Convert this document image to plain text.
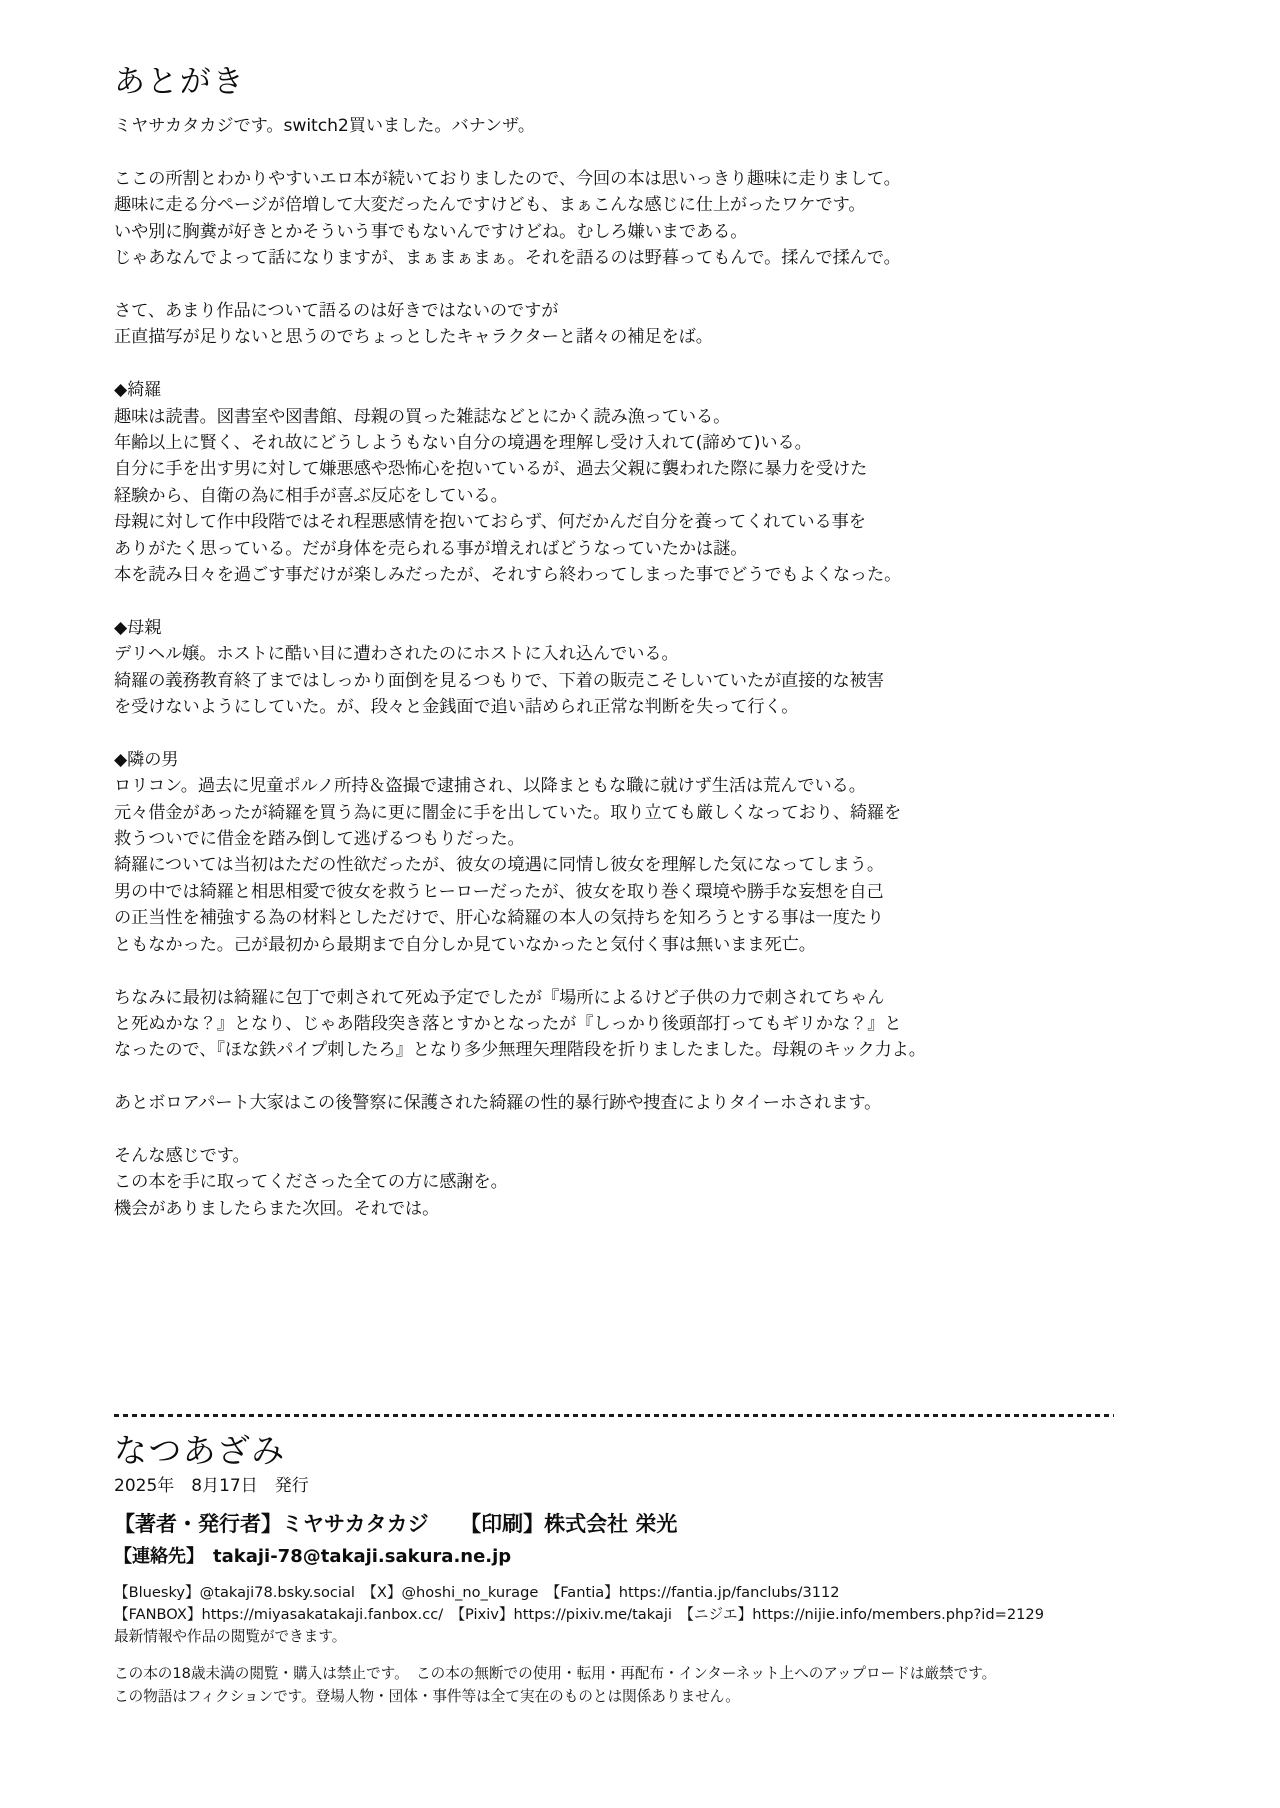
あとがき

ミヤサカタカジです。switch2買いました。バナンザ。

ここの所割とわかりやすいエロ本が続いておりましたので、今回の本は思いっきり趣味に走りまして。
趣味に走る分ページが倍増して大変だったんですけども、まぁこんな感じに仕上がったワケです。
いや別に胸糞が好きとかそういう事でもないんですけどね。むしろ嫌いまである。
じゃあなんでよって話になりますが、まぁまぁまぁ。それを語るのは野暮ってもんで。揉んで揉んで。
さて、あまり作品について語るのは好きではないのですが
正直描写が足りないと思うのでちょっとしたキャラクターと諸々の補足をば。
◆綺羅
趣味は読書。図書室や図書館、母親の買った雑誌などとにかく読み漁っている。
年齢以上に賢く、それ故にどうしようもない自分の境遇を理解し受け入れて(諦めて)いる。
自分に手を出す男に対して嫌悪感や恐怖心を抱いているが、過去父親に襲われた際に暴力を受けた
経験から、自衛の為に相手が喜ぶ反応をしている。
母親に対して作中段階ではそれ程悪感情を抱いておらず、何だかんだ自分を養ってくれている事を
ありがたく思っている。だが身体を売られる事が増えればどうなっていたかは謎。
本を読み日々を過ごす事だけが楽しみだったが、それすら終わってしまった事でどうでもよくなった。
◆母親
デリヘル嬢。ホストに酷い目に遭わされたのにホストに入れ込んでいる。
綺羅の義務教育終了まではしっかり面倒を見るつもりで、下着の販売こそしいていたが直接的な被害
を受けないようにしていた。が、段々と金銭面で追い詰められ正常な判断を失って行く。
◆隣の男
ロリコン。過去に児童ポルノ所持＆盗撮で逮捕され、以降まともな職に就けず生活は荒んでいる。
元々借金があったが綺羅を買う為に更に闇金に手を出していた。取り立ても厳しくなっており、綺羅を
救うついでに借金を踏み倒して逃げるつもりだった。
綺羅については当初はただの性欲だったが、彼女の境遇に同情し彼女を理解した気になってしまう。
男の中では綺羅と相思相愛で彼女を救うヒーローだったが、彼女を取り巻く環境や勝手な妄想を自己
の正当性を補強する為の材料としただけで、肝心な綺羅の本人の気持ちを知ろうとする事は一度たり
ともなかった。己が最初から最期まで自分しか見ていなかったと気付く事は無いまま死亡。
ちなみに最初は綺羅に包丁で刺されて死ぬ予定でしたが『場所によるけど子供の力で刺されてちゃん
と死ぬかな？』となり、じゃあ階段突き落とすかとなったが『しっかり後頭部打ってもギリかな？』と
なったので、『ほな鉄パイプ刺したろ』となり多少無理矢理階段を折りましたました。母親のキック力よ。
あとボロアパート大家はこの後警察に保護された綺羅の性的暴行跡や捜査によりタイーホされます。
そんな感じです。
この本を手に取ってくださった全ての方に感謝を。
機会がありましたらまた次回。それでは。
なつあざみ
2025年　8月17日　発行
【著者・発行者】ミヤサカタカジ　　【印刷】株式会社 栄光
【連絡先】　takaji-78@takaji.sakura.ne.jp
【Bluesky】@takaji78.bsky.social　【X】@hoshi_no_kurage　【Fantia】https://fantia.jp/fanclubs/3112
【FANBOX】https://miyasakatakaji.fanbox.cc/　【Pixiv】https://pixiv.me/takaji　【ニジエ】https://nijie.info/members.php?id=2129
最新情報や作品の閲覧ができます。
この本の18歳未満の閲覧・購入は禁止です。　この本の無断での使用・転用・再配布・インターネット上へのアップロードは厳禁です。
この物語はフィクションです。登場人物・団体・事件等は全て実在のものとは関係ありません。
